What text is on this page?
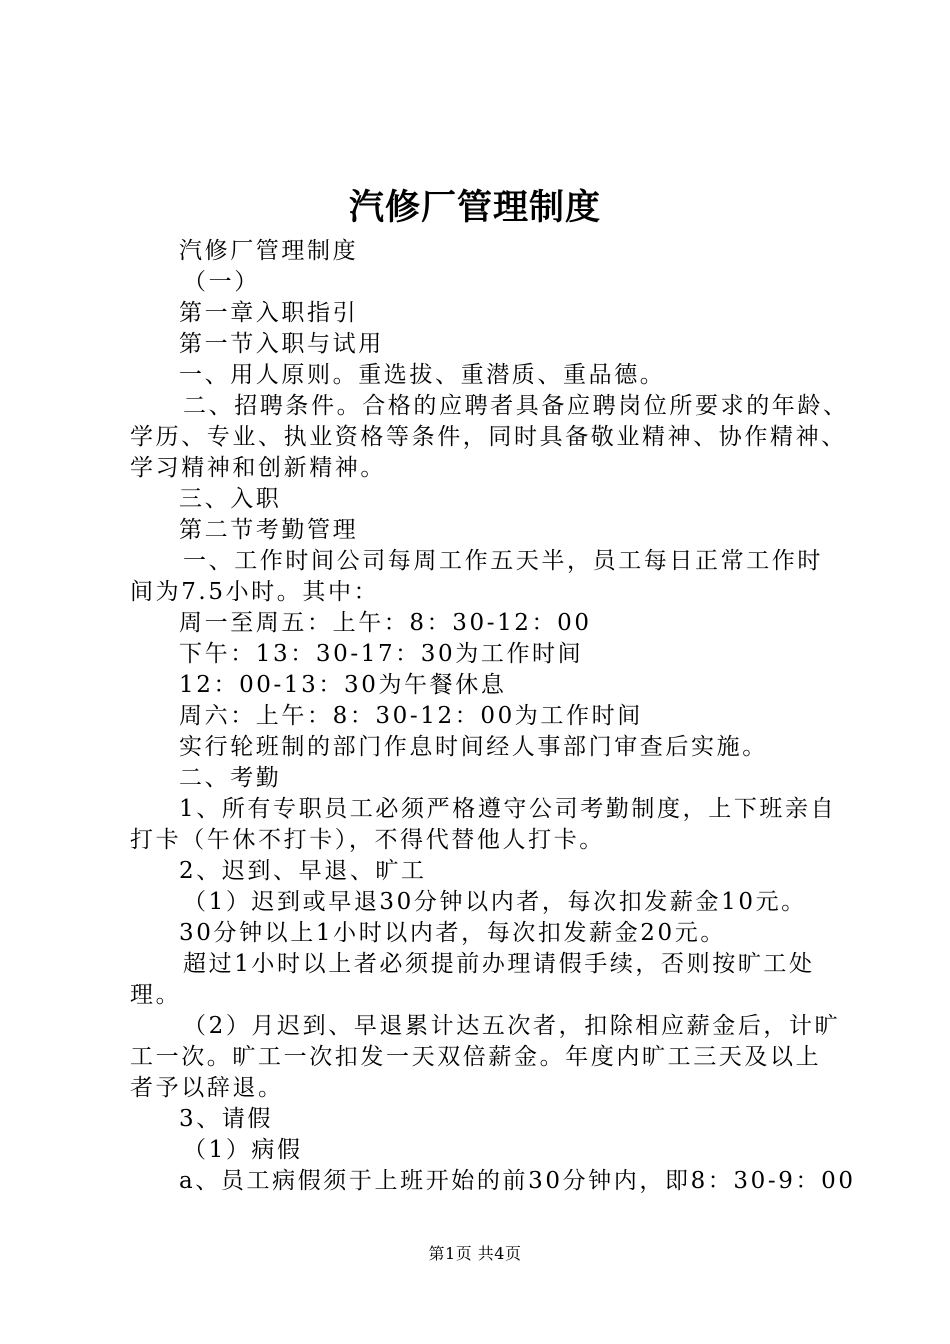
汽修厂管理制度
汽修厂管理制度
（一）
第一章入职指引
第一节入职与试用
一、用人原则。重选拔、重潜质、重品德。
二、招聘条件。合格的应聘者具备应聘岗位所要求的年龄、
学历、专业、执业资格等条件，同时具备敬业精神、协作精神、
学习精神和创新精神。
三、入职
第二节考勤管理
一、工作时间公司每周工作五天半，员工每日正常工作时
间为7.5小时。其中：
周一至周五：上午：8：30-12：00
下午：13：30-17：30为工作时间
12：00-13：30为午餐休息
周六：上午：8：30-12：00为工作时间
实行轮班制的部门作息时间经人事部门审查后实施。
二、考勤
1、所有专职员工必须严格遵守公司考勤制度，上下班亲自
打卡（午休不打卡），不得代替他人打卡。
2、迟到、早退、旷工
（1）迟到或早退30分钟以内者，每次扣发薪金10元。
30分钟以上1小时以内者，每次扣发薪金20元。
超过1小时以上者必须提前办理请假手续，否则按旷工处
理。
（2）月迟到、早退累计达五次者，扣除相应薪金后，计旷
工一次。旷工一次扣发一天双倍薪金。年度内旷工三天及以上
者予以辞退。
3、请假
（1）病假
a、员工病假须于上班开始的前30分钟内，即8：30-9：00
第1页 共4页
